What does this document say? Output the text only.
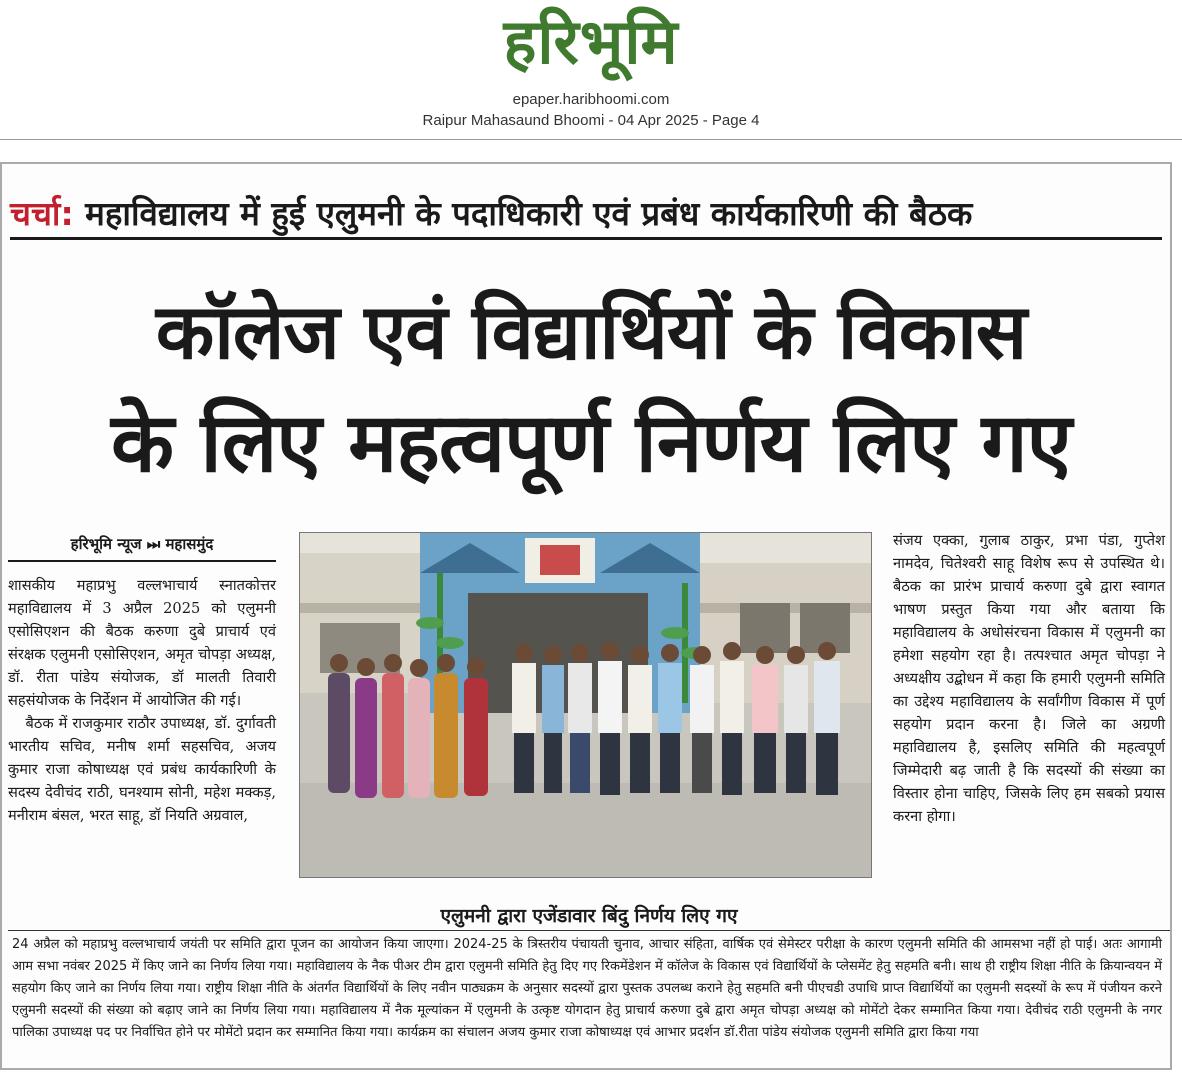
हरिभूमि
epaper.haribhoomi.com
Raipur Mahasaund Bhoomi - 04 Apr 2025 - Page 4
चर्चा: महाविद्यालय में हुई एलुमनी के पदाधिकारी एवं प्रबंध कार्यकारिणी की बैठक
कॉलेज एवं विद्यार्थियों के विकास
के लिए महत्वपूर्ण निर्णय लिए गए
हरिभूमि न्यूज ⏭ महासमुंद

शासकीय महाप्रभु वल्लभाचार्य स्नातकोत्तर महाविद्यालय में 3 अप्रैल 2025 को एलुमनी एसोसिएशन की बैठक करुणा दुबे प्राचार्य एवं संरक्षक एलुमनी एसोसिएशन, अमृत चोपड़ा अध्यक्ष, डॉ. रीता पांडेय संयोजक, डॉ मालती तिवारी सहसंयोजक के निर्देशन में आयोजित की गई।

बैठक में राजकुमार राठौर उपाध्यक्ष, डॉ. दुर्गावती भारतीय सचिव, मनीष शर्मा सहसचिव, अजय कुमार राजा कोषाध्यक्ष एवं प्रबंध कार्यकारिणी के सदस्य देवीचंद राठी, घनश्याम सोनी, महेश मक्कड़, मनीराम बंसल, भरत साहू, डॉ नियति अग्रवाल,

संजय एक्का, गुलाब ठाकुर, प्रभा पंडा, गुप्तेश नामदेव, चितेश्वरी साहू विशेष रूप से उपस्थित थे। बैठक का प्रारंभ प्राचार्य करुणा दुबे द्वारा स्वागत भाषण प्रस्तुत किया गया और बताया कि महाविद्यालय के अधोसंरचना विकास में एलुमनी का हमेशा सहयोग रहा है। तत्पश्चात अमृत चोपड़ा ने अध्यक्षीय उद्बोधन में कहा कि हमारी एलुमनी समिति का उद्देश्य महाविद्यालय के सर्वांगीण विकास में पूर्ण सहयोग प्रदान करना है। जिले का अग्रणी महाविद्यालय है, इसलिए समिति की महत्वपूर्ण जिम्मेदारी बढ़ जाती है कि सदस्यों की संख्या का विस्तार होना चाहिए, जिसके लिए हम सबको प्रयास करना होगा।

एलुमनी द्वारा एजेंडावार बिंदु निर्णय लिए गए
24 अप्रैल को महाप्रभु वल्लभाचार्य जयंती पर समिति द्वारा पूजन का आयोजन किया जाएगा। 2024-25 के त्रिस्तरीय पंचायती चुनाव, आचार संहिता, वार्षिक एवं सेमेस्टर परीक्षा के कारण एलुमनी समिति की आमसभा नहीं हो पाई। अतः आगामी आम सभा नवंबर 2025 में किए जाने का निर्णय लिया गया। महाविद्यालय के नैक पीअर टीम द्वारा एलुमनी समिति हेतु दिए गए रिकमेंडेशन में कॉलेज के विकास एवं विद्यार्थियों के प्लेसमेंट हेतु सहमति बनी। साथ ही राष्ट्रीय शिक्षा नीति के क्रियान्वयन में सहयोग किए जाने का निर्णय लिया गया। राष्ट्रीय शिक्षा नीति के अंतर्गत विद्यार्थियों के लिए नवीन पाठ्यक्रम के अनुसार सदस्यों द्वारा पुस्तक उपलब्ध कराने हेतु सहमति बनी पीएचडी उपाधि प्राप्त विद्यार्थियों का एलुमनी सदस्यों के रूप में पंजीयन करने एलुमनी सदस्यों की संख्या को बढ़ाए जाने का निर्णय लिया गया। महाविद्यालय में नैक मूल्यांकन में एलुमनी के उत्कृष्ट योगदान हेतु प्राचार्य करुणा दुबे द्वारा अमृत चोपड़ा अध्यक्ष को मोमेंटो देकर सम्मानित किया गया। देवीचंद राठी एलुमनी के नगर पालिका उपाध्यक्ष पद पर निर्वाचित होने पर मोमेंटो प्रदान कर सम्मानित किया गया। कार्यक्रम का संचालन अजय कुमार राजा कोषाध्यक्ष एवं आभार प्रदर्शन डॉ.रीता पांडेय संयोजक एलुमनी समिति द्वारा किया गया
